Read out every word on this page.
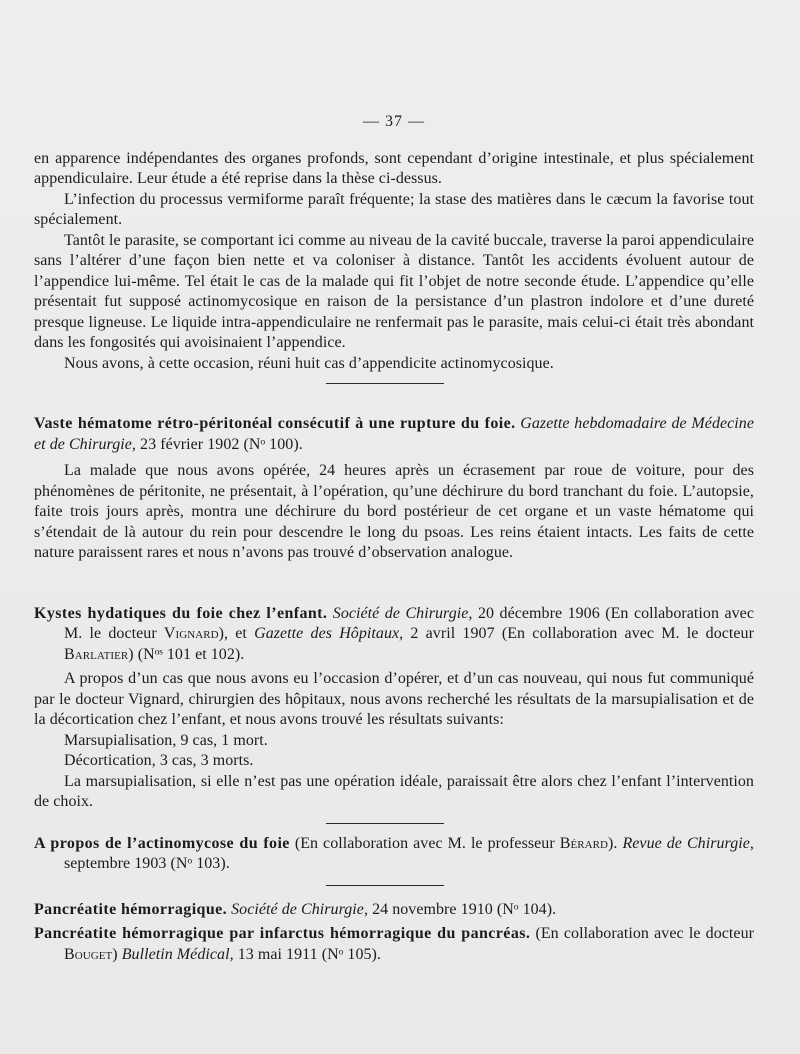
— 37 —

en apparence indépendantes des organes profonds, sont cependant d’origine intestinale, et plus spécialement appendiculaire. Leur étude a été reprise dans la thèse ci-dessus.

L’infection du processus vermiforme paraît fréquente; la stase des matières dans le cæcum la favorise tout spécialement.

Tantôt le parasite, se comportant ici comme au niveau de la cavité buccale, traverse la paroi appendiculaire sans l’altérer d’une façon bien nette et va coloniser à distance. Tantôt les accidents évoluent autour de l’appendice lui-même. Tel était le cas de la malade qui fit l’objet de notre seconde étude. L’appendice qu’elle présentait fut supposé actinomycosique en raison de la persistance d’un plastron indolore et d’une dureté presque ligneuse. Le liquide intra-appendiculaire ne renfermait pas le parasite, mais celui-ci était très abondant dans les fongosités qui avoisinaient l’appendice.

Nous avons, à cette occasion, réuni huit cas d’appendicite actinomycosique.

Vaste hématome rétro-péritonéal consécutif à une rupture du foie. Gazette hebdomadaire de Médecine et de Chirurgie, 23 février 1902 (Nᵒ 100).

La malade que nous avons opérée, 24 heures après un écrasement par roue de voiture, pour des phénomènes de péritonite, ne présentait, à l’opération, qu’une déchirure du bord tranchant du foie. L’autopsie, faite trois jours après, montra une déchirure du bord postérieur de cet organe et un vaste hématome qui s’étendait de là autour du rein pour descendre le long du psoas. Les reins étaient intacts. Les faits de cette nature paraissent rares et nous n’avons pas trouvé d’observation analogue.

Kystes hydatiques du foie chez l’enfant. Société de Chirurgie, 20 décembre 1906 (En collaboration avec M. le docteur Vignard), et Gazette des Hôpitaux, 2 avril 1907 (En collaboration avec M. le docteur Barlatier) (Nᵒˢ 101 et 102).

A propos d’un cas que nous avons eu l’occasion d’opérer, et d’un cas nouveau, qui nous fut communiqué par le docteur Vignard, chirurgien des hôpitaux, nous avons recherché les résultats de la marsupialisation et de la décortication chez l’enfant, et nous avons trouvé les résultats suivants:

Marsupialisation, 9 cas, 1 mort.

Décortication, 3 cas, 3 morts.

La marsupialisation, si elle n’est pas une opération idéale, paraissait être alors chez l’enfant l’intervention de choix.

A propos de l’actinomycose du foie (En collaboration avec M. le professeur Bérard). Revue de Chirurgie, septembre 1903 (Nᵒ 103).

Pancréatite hémorragique. Société de Chirurgie, 24 novembre 1910 (Nᵒ 104).

Pancréatite hémorragique par infarctus hémorragique du pancréas. (En collaboration avec le docteur Bouget) Bulletin Médical, 13 mai 1911 (Nᵒ 105).
